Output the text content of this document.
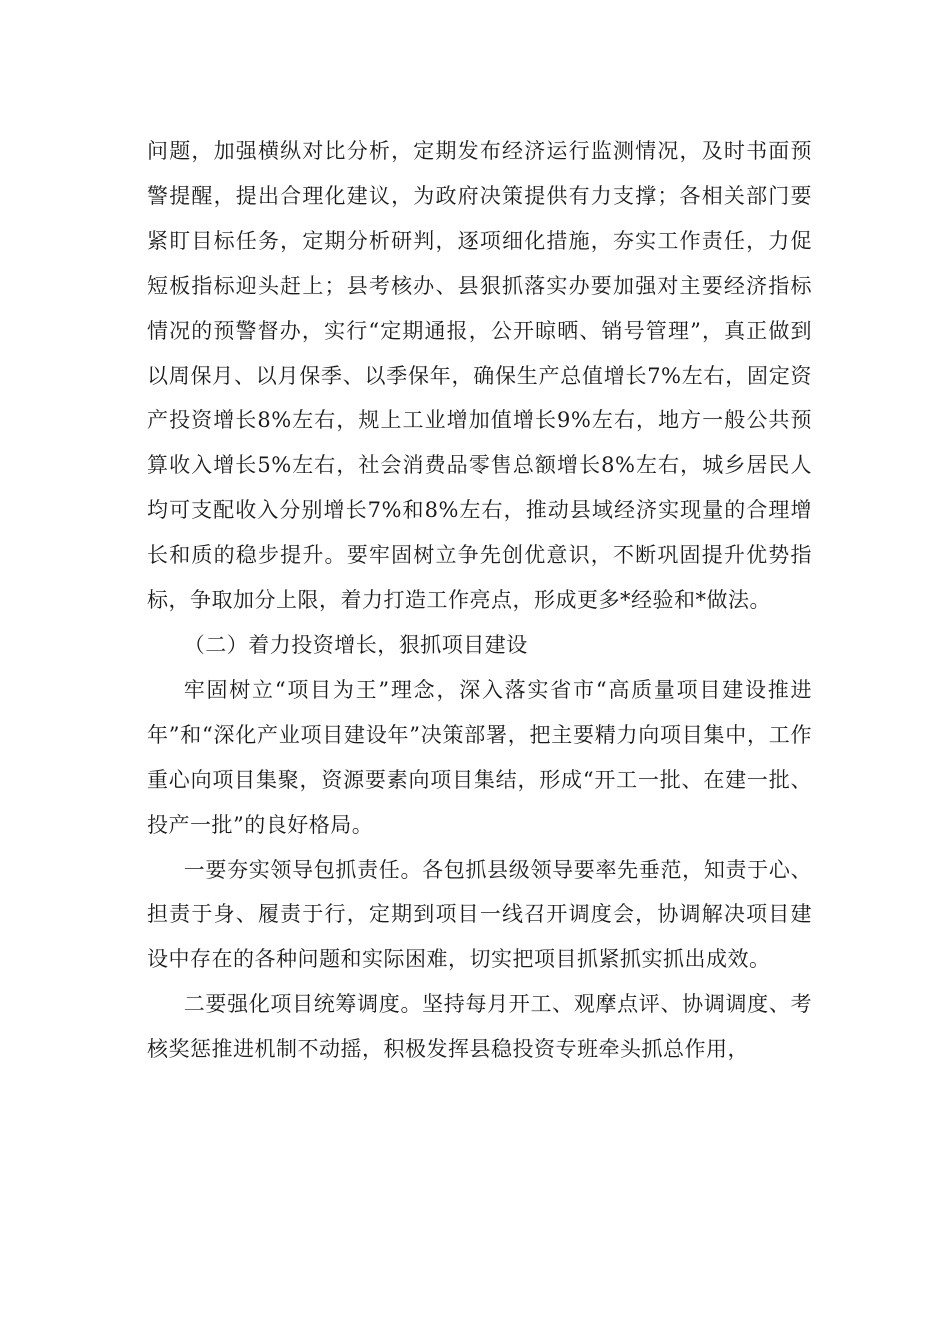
问题，加强横纵对比分析，定期发布经济运行监测情况，及时书面预警提醒，提出合理化建议，为政府决策提供有力支撑；各相关部门要紧盯目标任务，定期分析研判，逐项细化措施，夯实工作责任，力促短板指标迎头赶上；县考核办、县狠抓落实办要加强对主要经济指标情况的预警督办，实行“定期通报，公开晾晒、销号管理”，真正做到以周保月、以月保季、以季保年，确保生产总值增长7%左右，固定资产投资增长8%左右，规上工业增加值增长9%左右，地方一般公共预算收入增长5%左右，社会消费品零售总额增长8%左右，城乡居民人均可支配收入分别增长7%和8%左右，推动县域经济实现量的合理增长和质的稳步提升。要牢固树立争先创优意识，不断巩固提升优势指标，争取加分上限，着力打造工作亮点，形成更多*经验和*做法。

（二）着力投资增长，狠抓项目建设

牢固树立“项目为王”理念，深入落实省市“高质量项目建设推进年”和“深化产业项目建设年”决策部署，把主要精力向项目集中，工作重心向项目集聚，资源要素向项目集结，形成“开工一批、在建一批、投产一批”的良好格局。

一要夯实领导包抓责任。各包抓县级领导要率先垂范，知责于心、担责于身、履责于行，定期到项目一线召开调度会，协调解决项目建设中存在的各种问题和实际困难，切实把项目抓紧抓实抓出成效。

二要强化项目统筹调度。坚持每月开工、观摩点评、协调调度、考核奖惩推进机制不动摇，积极发挥县稳投资专班牵头抓总作用，
